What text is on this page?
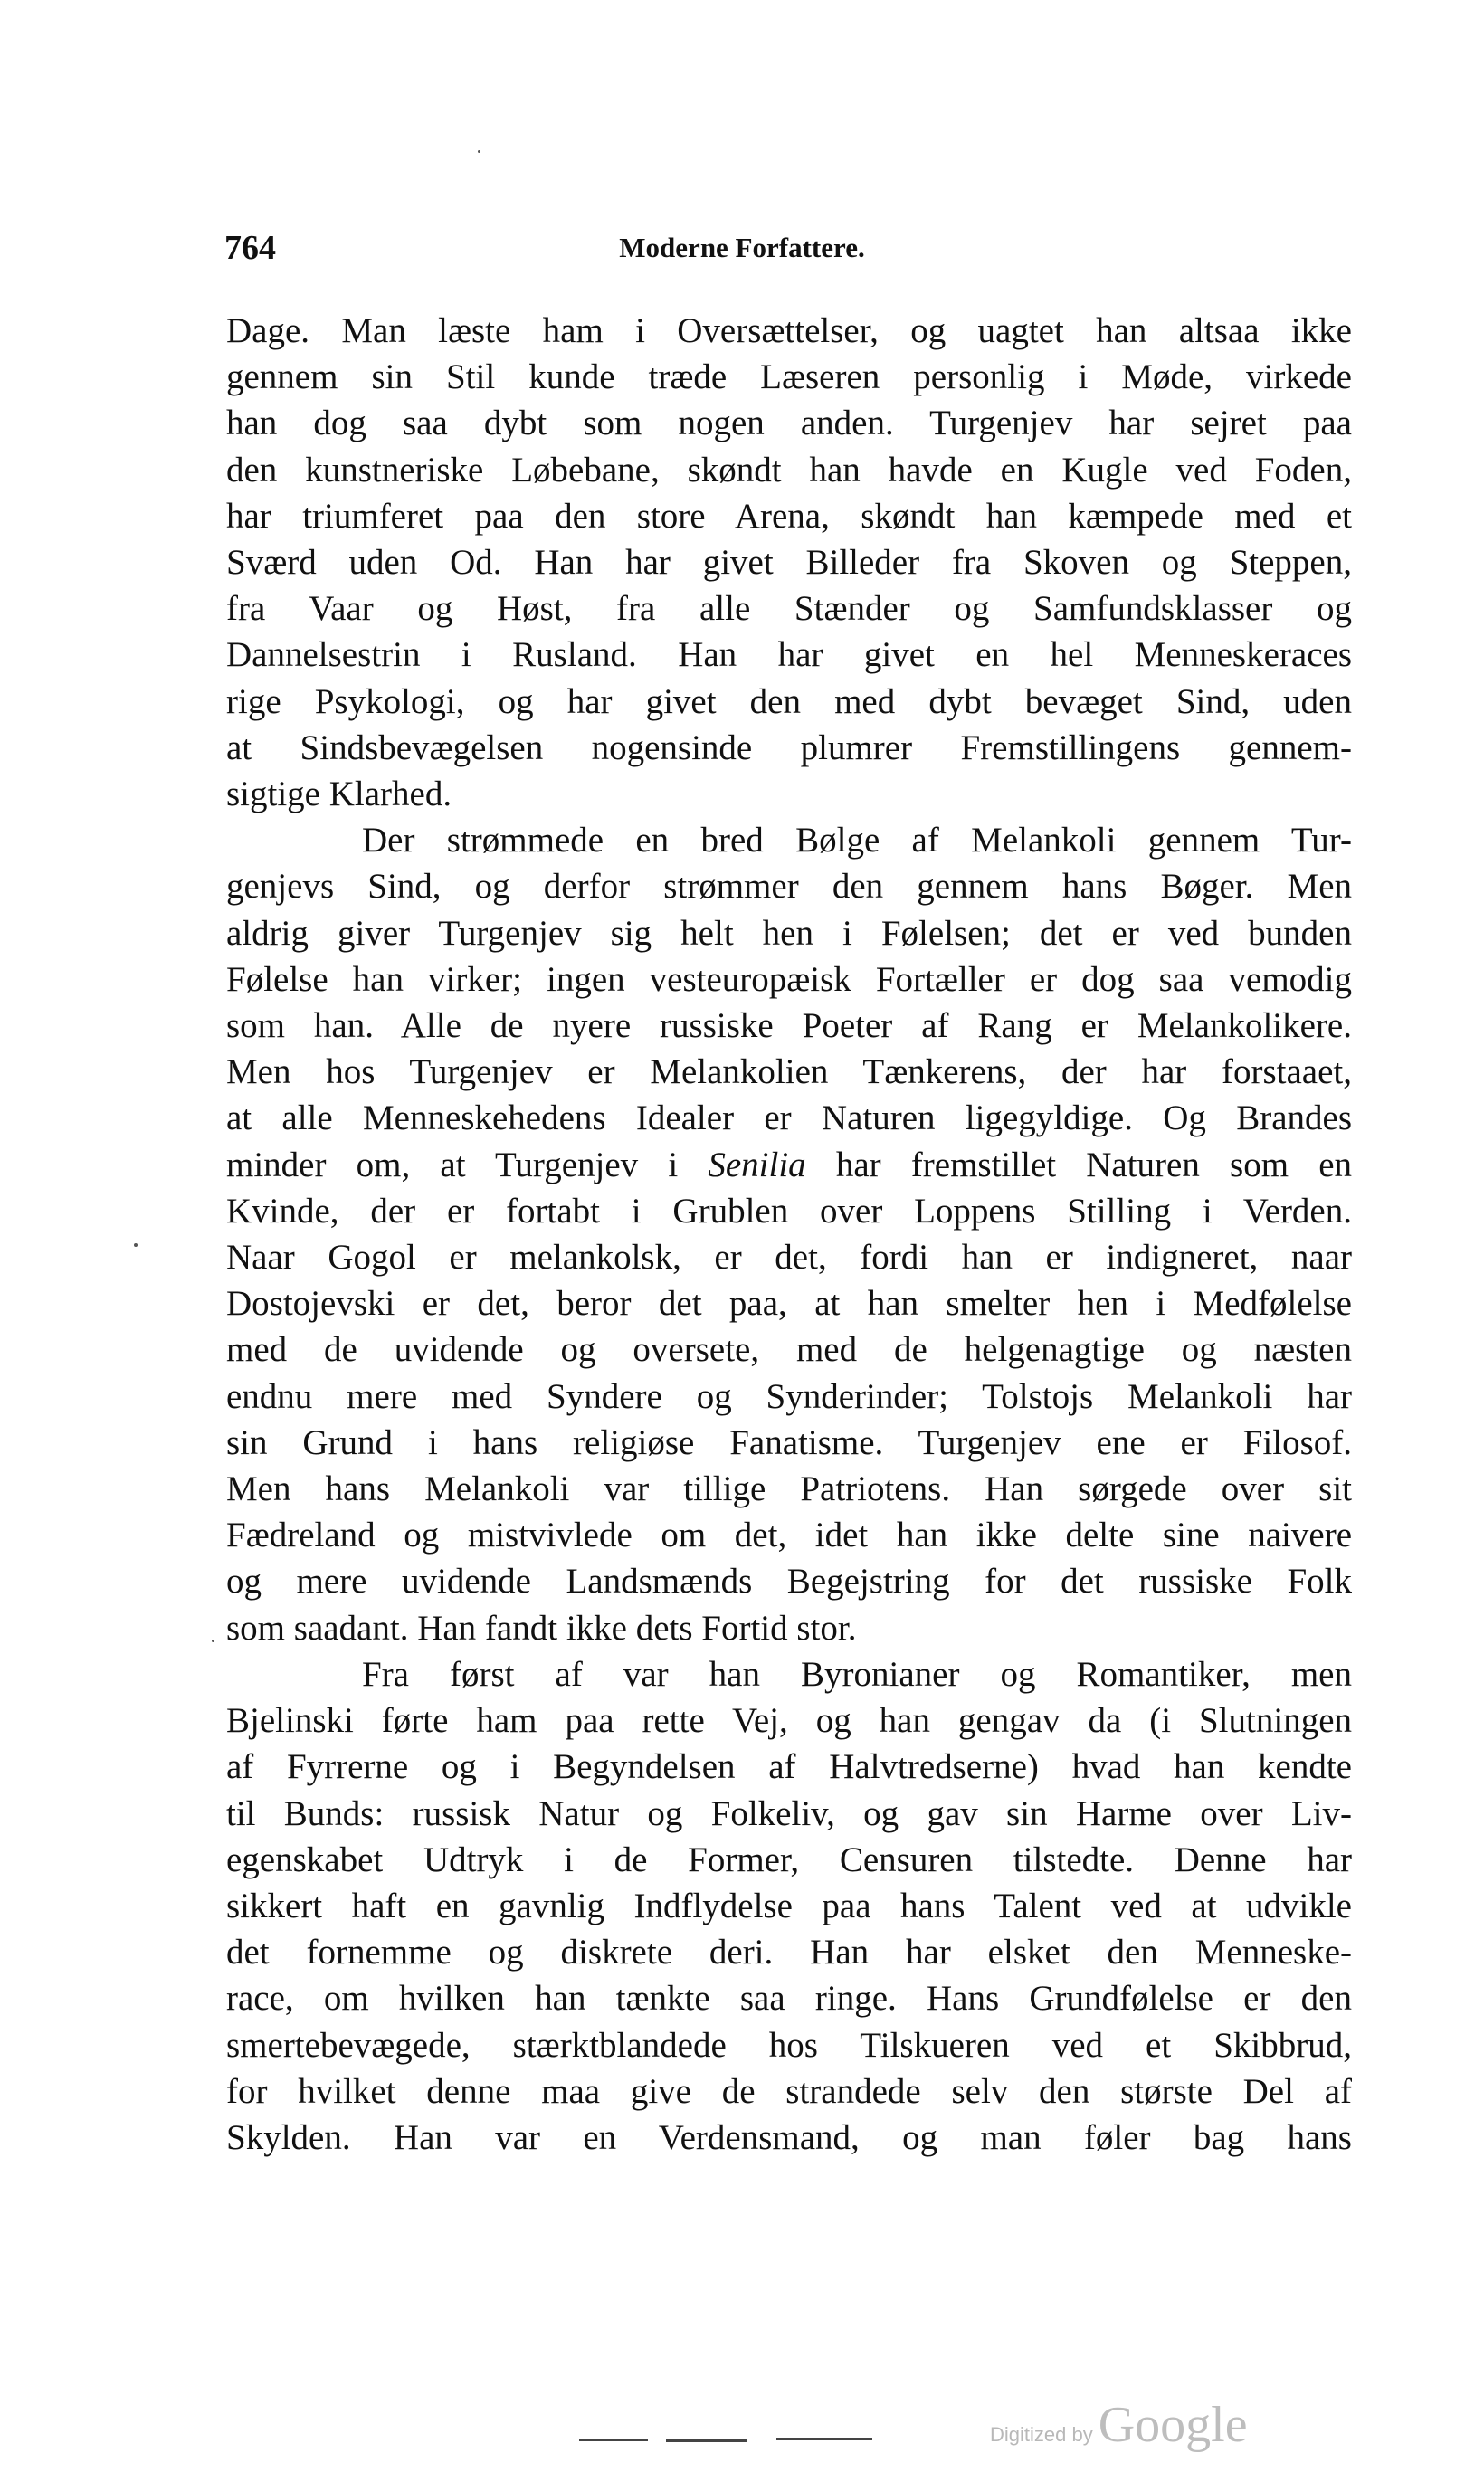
764	Moderne Forfattere.
Dage. Man læste ham i Oversættelser, og uagtet han altsaa ikke
gennem sin Stil kunde træde Læseren personlig i Møde, virkede
han dog saa dybt som nogen anden. Turgenjev har sejret paa
den kunstneriske Løbebane, skøndt han havde en Kugle ved Foden,
har triumferet paa den store Arena, skøndt han kæmpede med et
Sværd uden Od. Han har givet Billeder fra Skoven og Steppen,
fra Vaar og Høst, fra alle Stænder og Samfundsklasser og
Dannelsestrin i Rusland. Han har givet en hel Menneskeraces
rige Psykologi, og har givet den med dybt bevæget Sind, uden
at Sindsbevægelsen nogensinde plumrer Fremstillingens gennem-
sigtige Klarhed.
Der strømmede en bred Bølge af Melankoli gennem Tur-
genjevs Sind, og derfor strømmer den gennem hans Bøger. Men
aldrig giver Turgenjev sig helt hen i Følelsen; det er ved bunden
Følelse han virker; ingen vesteuropæisk Fortæller er dog saa vemodig
som han. Alle de nyere russiske Poeter af Rang er Melankolikere.
Men hos Turgenjev er Melankolien Tænkerens, der har forstaaet,
at alle Menneskehedens Idealer er Naturen ligegyldige. Og Brandes
minder om, at Turgenjev i Senilia har fremstillet Naturen som en
Kvinde, der er fortabt i Grublen over Loppens Stilling i Verden.
Naar Gogol er melankolsk, er det, fordi han er indigneret, naar
Dostojevski er det, beror det paa, at han smelter hen i Medfølelse
med de uvidende og oversete, med de helgenagtige og næsten
endnu mere med Syndere og Synderinder; Tolstojs Melankoli har
sin Grund i hans religiøse Fanatisme. Turgenjev ene er Filosof.
Men hans Melankoli var tillige Patriotens. Han sørgede over sit
Fædreland og mistvivlede om det, idet han ikke delte sine naivere
og mere uvidende Landsmænds Begejstring for det russiske Folk
som saadant. Han fandt ikke dets Fortid stor.
Fra først af var han Byronianer og Romantiker, men
Bjelinski førte ham paa rette Vej, og han gengav da (i Slutningen
af Fyrrerne og i Begyndelsen af Halvtredserne) hvad han kendte
til Bunds: russisk Natur og Folkeliv, og gav sin Harme over Liv-
egenskabet Udtryk i de Former, Censuren tilstedte. Denne har
sikkert haft en gavnlig Indflydelse paa hans Talent ved at udvikle
det fornemme og diskrete deri. Han har elsket den Menneske-
race, om hvilken han tænkte saa ringe. Hans Grundfølelse er den
smertebevægede, stærktblandede hos Tilskueren ved et Skibbrud,
for hvilket denne maa give de strandede selv den største Del af
Skylden. Han var en Verdensmand, og man føler bag hans
Digitized by Google
